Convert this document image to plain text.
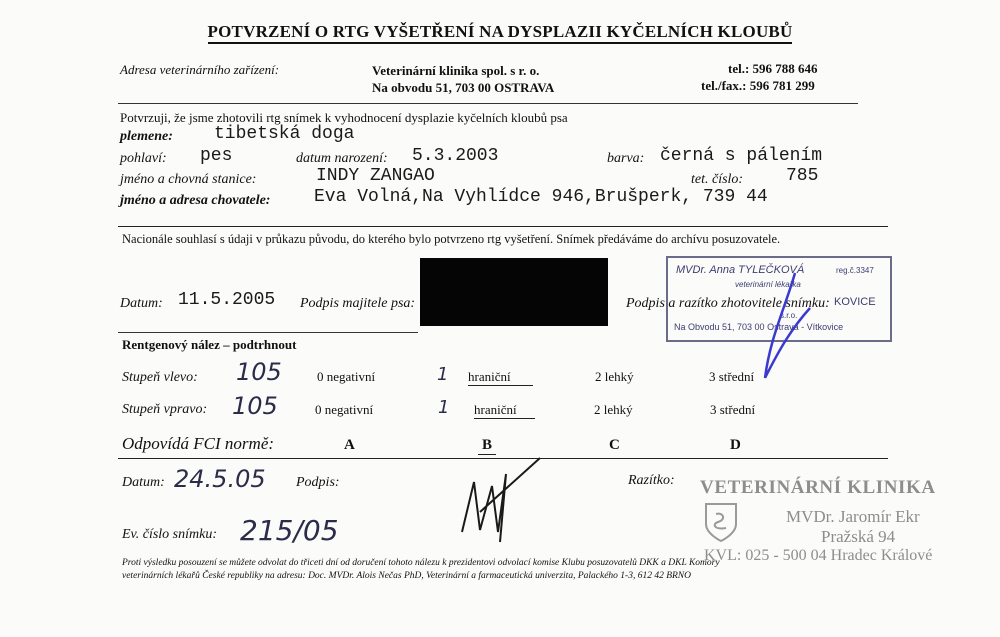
POTVRZENÍ O RTG VYŠETŘENÍ NA DYSPLAZII KYČELNÍCH KLOUBŮ
Adresa veterinárního zařízení:	Veterinární klinika spol. s r. o.
Na obvodu 51, 703 00 OSTRAVA
tel.: 596 788 646
tel./fax.: 596 781 299
Potvrzuji, že jsme zhotovili rtg snímek k vyhodnocení dysplazie kyčelních kloubů psa
plemene: tibetská doga
pohlaví: pes	datum narození: 5.3.2003	barva: černá s pálením
jméno a chovná stanice:	INDY ZANGAO	tet. číslo: 785
jméno a adresa chovatele: Eva Volná,Na Vyhlídce 946,Brušperk, 739 44
Nacionále souhlasí s údaji v průkazu původu, do kterého bylo potvrzeno rtg vyšetření. Snímek předáváme do archívu posuzovatele.
Datum: 11.5.2005 Podpis majitele psa:	Podpis a razítko zhotovitele snímku:
MVDr. Anna TYLEČKOVÁ	reg.č.3347
veterinární lékařka
KOVICE
s.r.o.
Na Obvodu 51, 703 00 Ostrava - Vítkovice
Rentgenový nález – podtrhnout
Stupeň vlevo: 105	0 negativní	1 hraniční	2 lehký	3 střední
Stupeň vpravo: 105	0 negativní	1 hraniční	2 lehký	3 střední
Odpovídá FCI normě:	A	B	C	D
Datum: 24.5.05 Podpis:	Razítko:
Ev. číslo snímku: 215/05
Proti výsledku posouzení se můžete odvolat do třiceti dní od doručení tohoto nálezu k prezidentovi odvolací komise Klubu posuzovatelů DKK a DKL Komory
veterinárních lékařů České republiky na adresu: Doc. MVDr. Alois Nečas PhD, Veterinární a farmaceutická univerzita, Palackého 1-3, 612 42 BRNO
VETERINÁRNÍ KLINIKA
MVDr. Jaromír Ekr
Pražská 94
KVL: 025 - 500 04 Hradec Králové
